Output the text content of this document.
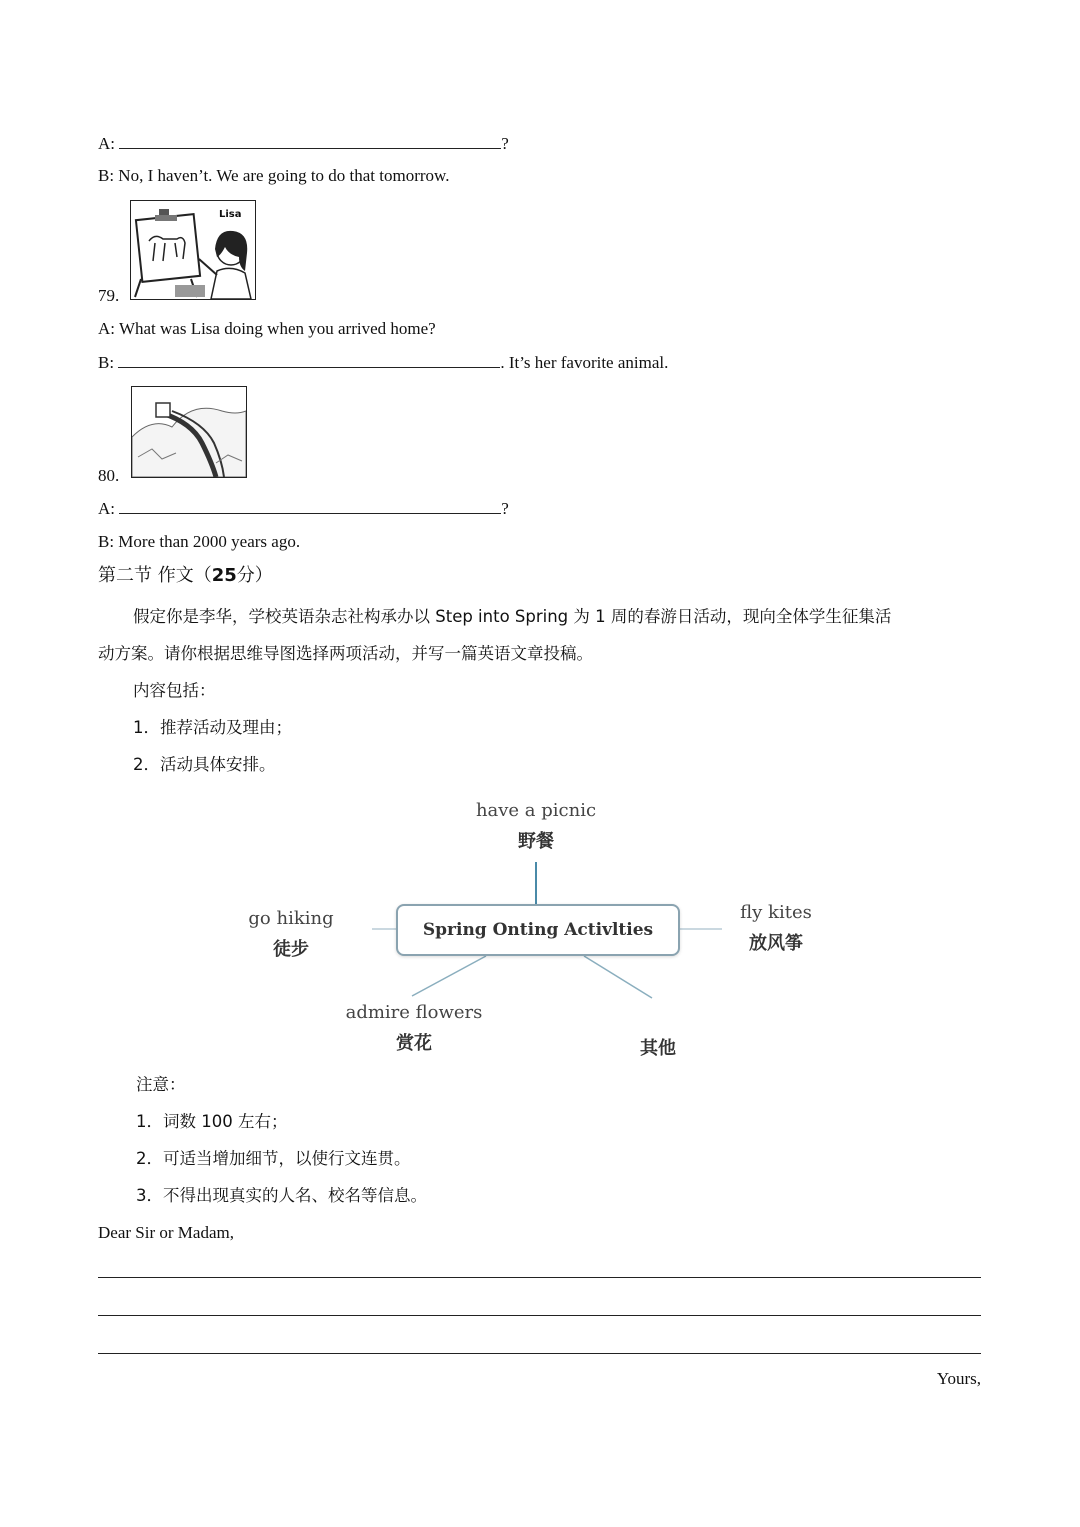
A:	?
B: No, I haven’t. We are going to do that tomorrow.
Lisa
79.
A: What was Lisa doing when you arrived home?
B:	. It’s her favorite animal.
80.
A:	?
B: More than 2000 years ago.
第二节 作文（25分）
假定你是李华，学校英语杂志社构承办以 Step into Spring 为 1 周的春游日活动，现向全体学生征集活
动方案。请你根据思维导图选择两项活动，并写一篇英语文章投稿。
内容包括：
1．推荐活动及理由；
2．活动具体安排。
Spring Onting Activlties
have a picnic
野餐
go hiking
徒步
fly kites
放风筝
admire flowers
赏花	其他
注意：
1．词数 100 左右；
2．可适当增加细节，以使行文连贯。
3．不得出现真实的人名、校名等信息。
Dear Sir or Madam,
Yours,
